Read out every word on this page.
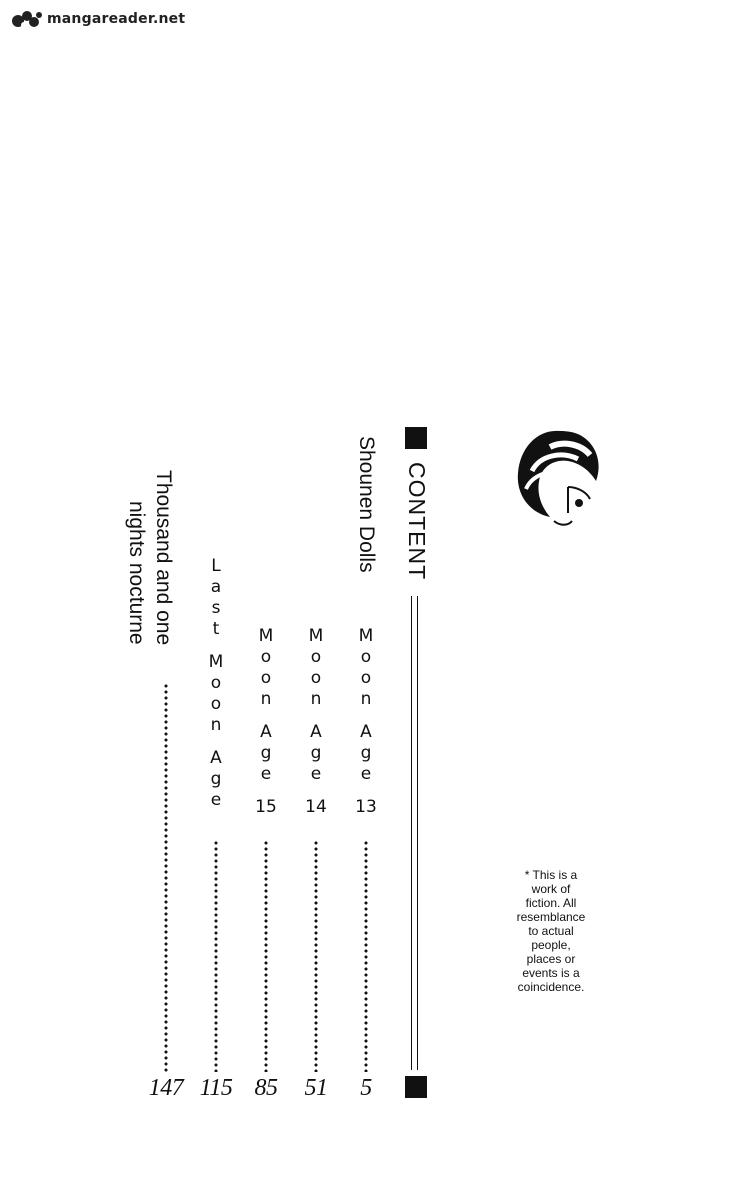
mangareader.net
CONTENT
Shounen Dolls
M
o
o
n
A
g
e
13
5
M
o
o
n
A
g
e
14
51
M
o
o
n
A
g
e
15
85
L
a
s
t
M
o
o
n
A
g
e
115
Thousand and one
nights nocturne
147
* This is a
work of
fiction. All
resemblance
to actual
people,
places or
events is a
coincidence.
